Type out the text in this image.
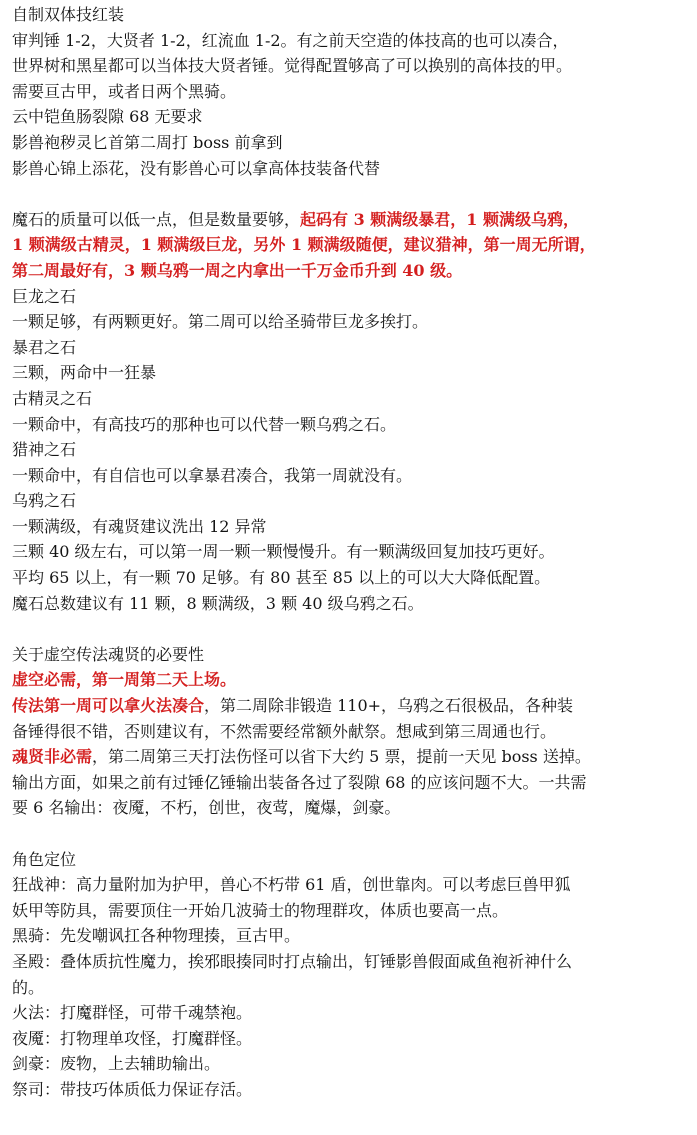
自制双体技红装
审判锤 1-2，大贤者 1-2，红流血 1-2。有之前天空造的体技高的也可以凑合，
世界树和黑星都可以当体技大贤者锤。觉得配置够高了可以换别的高体技的甲。
需要亘古甲，或者日两个黑骑。
云中铠鱼肠裂隙 68 无要求
影兽袍秽灵匕首第二周打 boss 前拿到
影兽心锦上添花，没有影兽心可以拿高体技装备代替
魔石的质量可以低一点，但是数量要够，起码有 3 颗满级暴君，1 颗满级乌鸦，
1 颗满级古精灵，1 颗满级巨龙，另外 1 颗满级随便，建议猎神，第一周无所谓，
第二周最好有，3 颗乌鸦一周之内拿出一千万金币升到 40 级。
巨龙之石
一颗足够，有两颗更好。第二周可以给圣骑带巨龙多挨打。
暴君之石
三颗，两命中一狂暴
古精灵之石
一颗命中，有高技巧的那种也可以代替一颗乌鸦之石。
猎神之石
一颗命中，有自信也可以拿暴君凑合，我第一周就没有。
乌鸦之石
一颗满级，有魂贤建议洗出 12 异常
三颗 40 级左右，可以第一周一颗一颗慢慢升。有一颗满级回复加技巧更好。
平均 65 以上，有一颗 70 足够。有 80 甚至 85 以上的可以大大降低配置。
魔石总数建议有 11 颗，8 颗满级，3 颗 40 级乌鸦之石。
关于虚空传法魂贤的必要性
虚空必需，第一周第二天上场。
传法第一周可以拿火法凑合，第二周除非锻造 110+，乌鸦之石很极品，各种装
备锤得很不错，否则建议有，不然需要经常额外献祭。想咸到第三周通也行。
魂贤非必需，第二周第三天打法伤怪可以省下大约 5 票，提前一天见 boss 送掉。
输出方面，如果之前有过锤亿锤输出装备各过了裂隙 68 的应该问题不大。一共需
要 6 名输出：夜魇，不朽，创世，夜莺，魔爆，剑豪。
角色定位
狂战神：高力量附加为护甲，兽心不朽带 61 盾，创世靠肉。可以考虑巨兽甲狐
妖甲等防具，需要顶住一开始几波骑士的物理群攻，体质也要高一点。
黑骑：先发嘲讽扛各种物理揍，亘古甲。
圣殿：叠体质抗性魔力，挨邪眼揍同时打点输出，钉锤影兽假面咸鱼袍祈神什么
的。
火法：打魔群怪，可带千魂禁袍。
夜魇：打物理单攻怪，打魔群怪。
剑豪：废物，上去辅助输出。
祭司：带技巧体质低力保证存活。
